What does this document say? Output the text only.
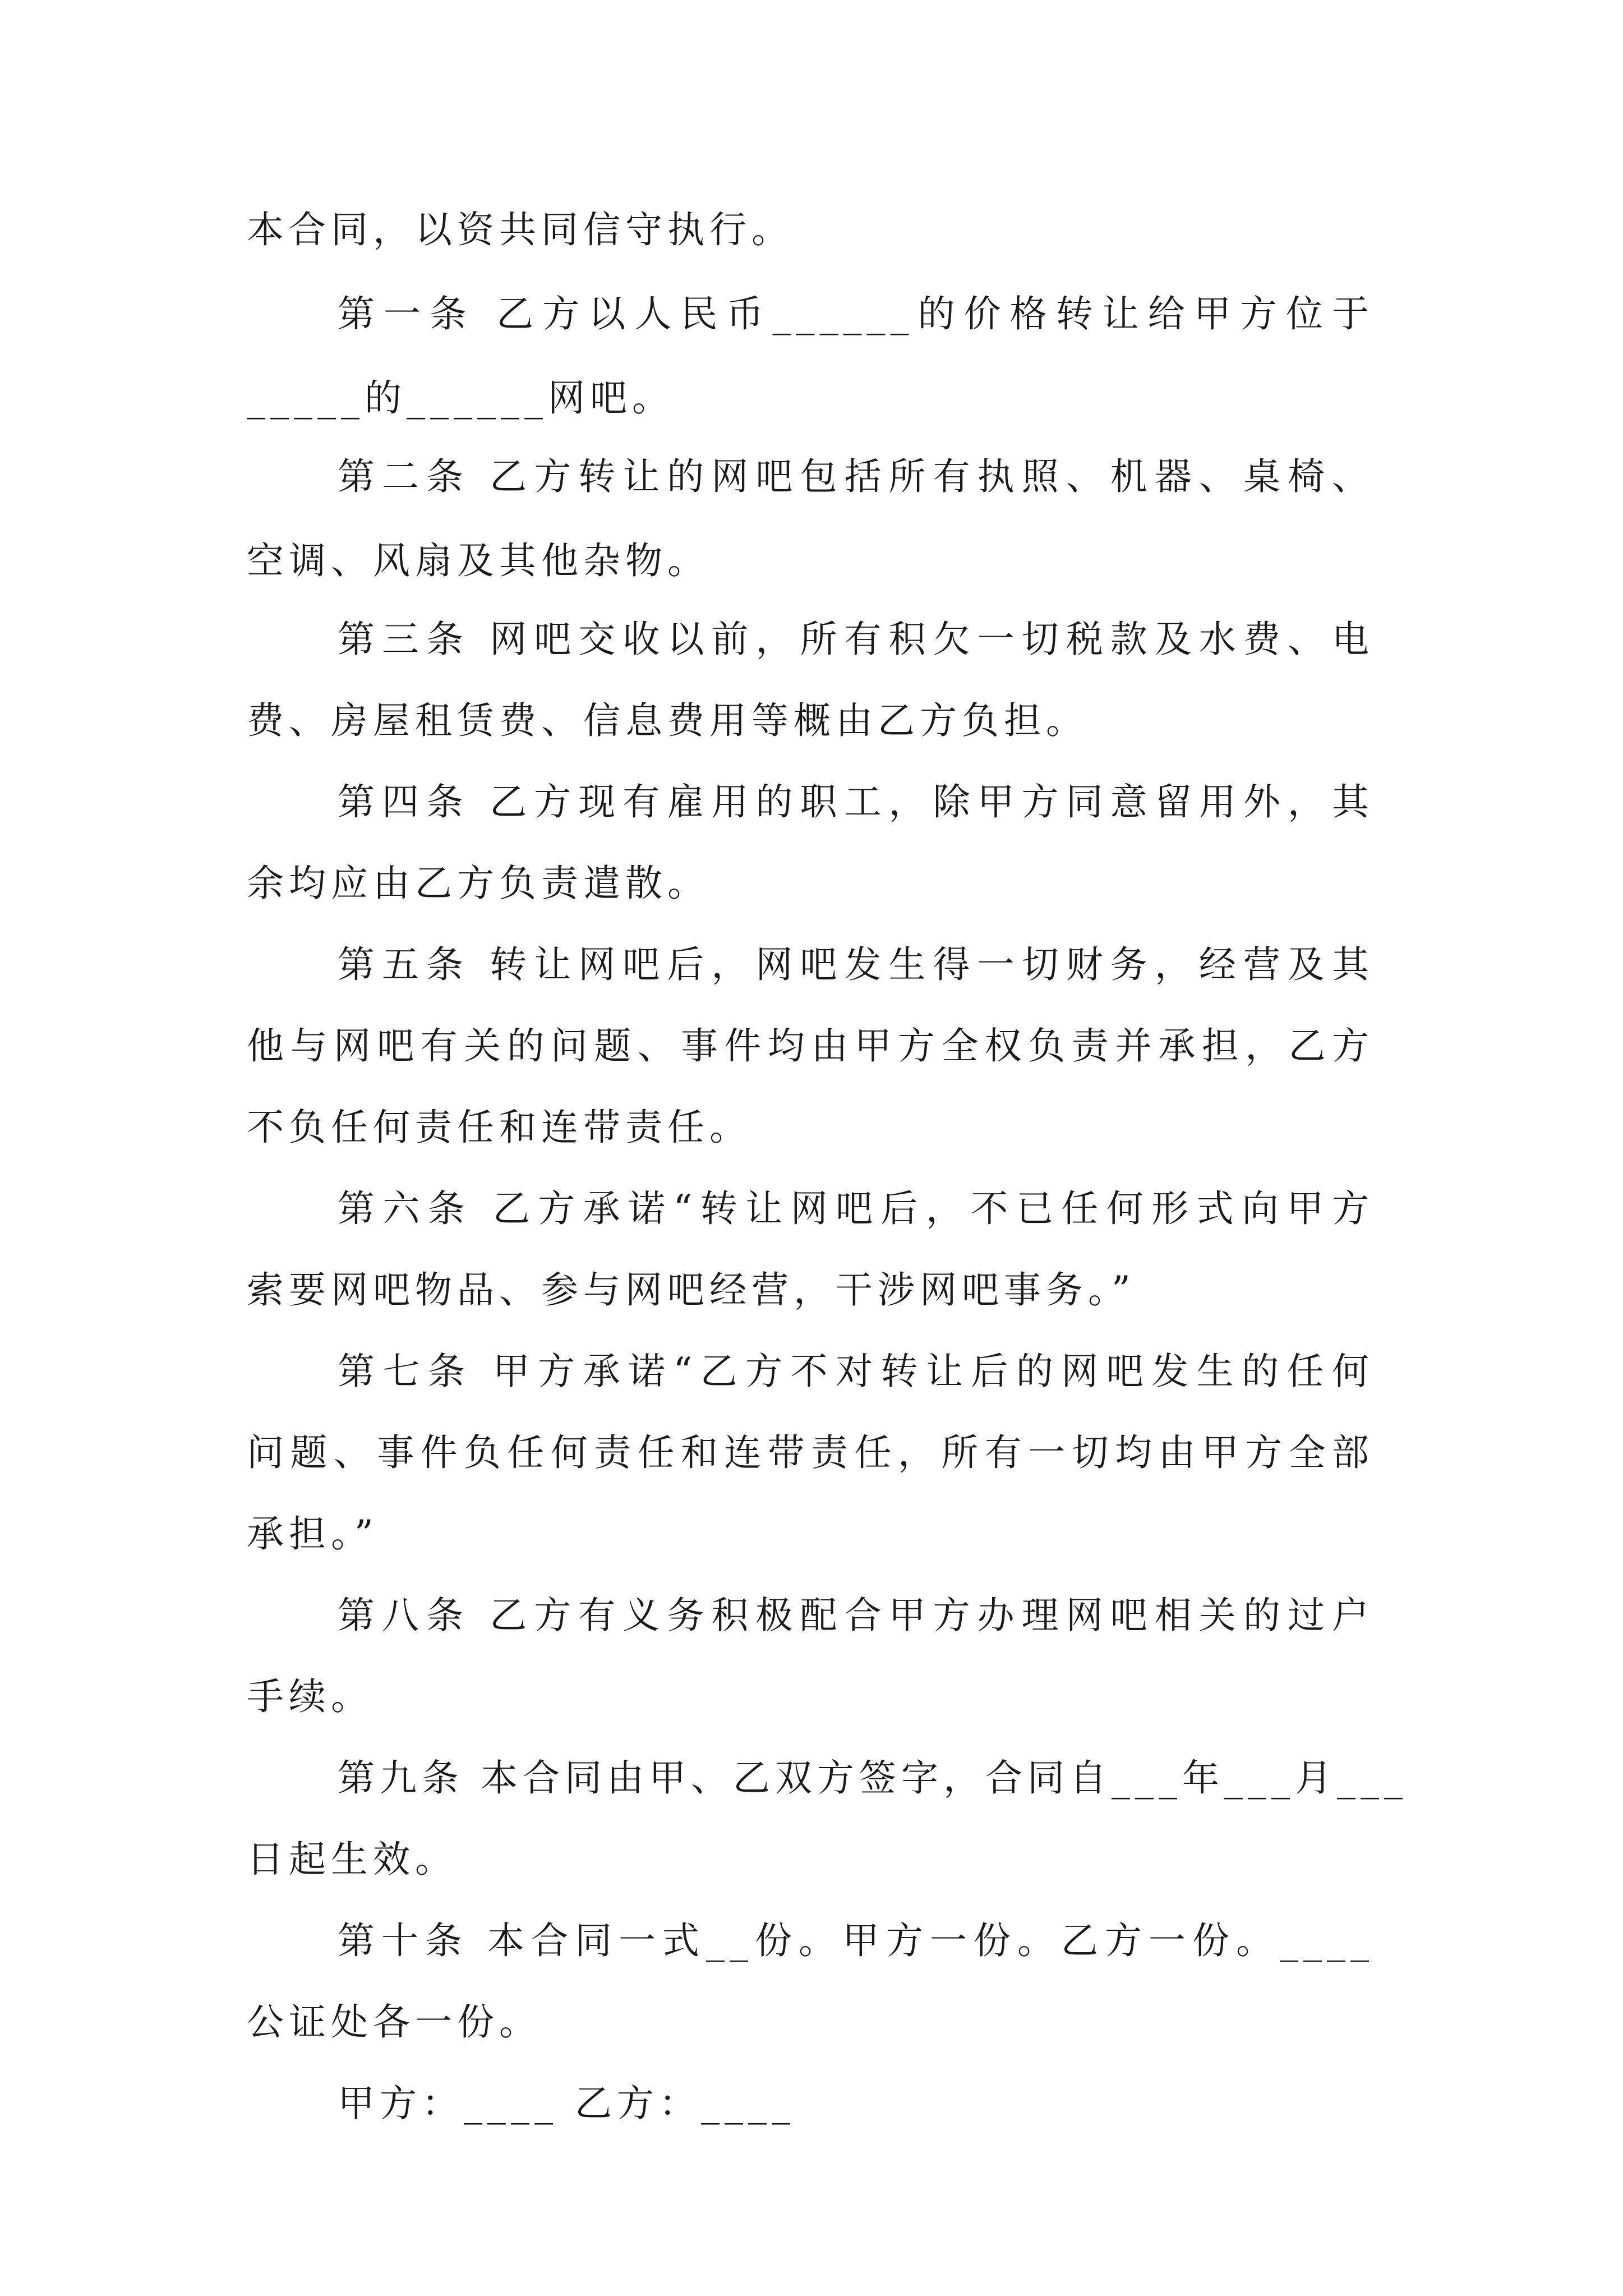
本合同，以资共同信守执行。
第一条 乙方以人民币______的价格转让给甲方位于
_____的______网吧。
第二条 乙方转让的网吧包括所有执照、机器、桌椅、
空调、风扇及其他杂物。
第三条 网吧交收以前，所有积欠一切税款及水费、电
费、房屋租赁费、信息费用等概由乙方负担。
第四条 乙方现有雇用的职工，除甲方同意留用外，其
余均应由乙方负责遣散。
第五条 转让网吧后，网吧发生得一切财务，经营及其
他与网吧有关的问题、事件均由甲方全权负责并承担，乙方
不负任何责任和连带责任。
第六条 乙方承诺“转让网吧后，不已任何形式向甲方
索要网吧物品、参与网吧经营，干涉网吧事务。”
第七条 甲方承诺“乙方不对转让后的网吧发生的任何
问题、事件负任何责任和连带责任，所有一切均由甲方全部
承担。”
第八条 乙方有义务积极配合甲方办理网吧相关的过户
手续。
第九条 本合同由甲、乙双方签字，合同自___年___月___
日起生效。
第十条 本合同一式__份。甲方一份。乙方一份。____
公证处各一份。
甲方：____ 乙方：____
